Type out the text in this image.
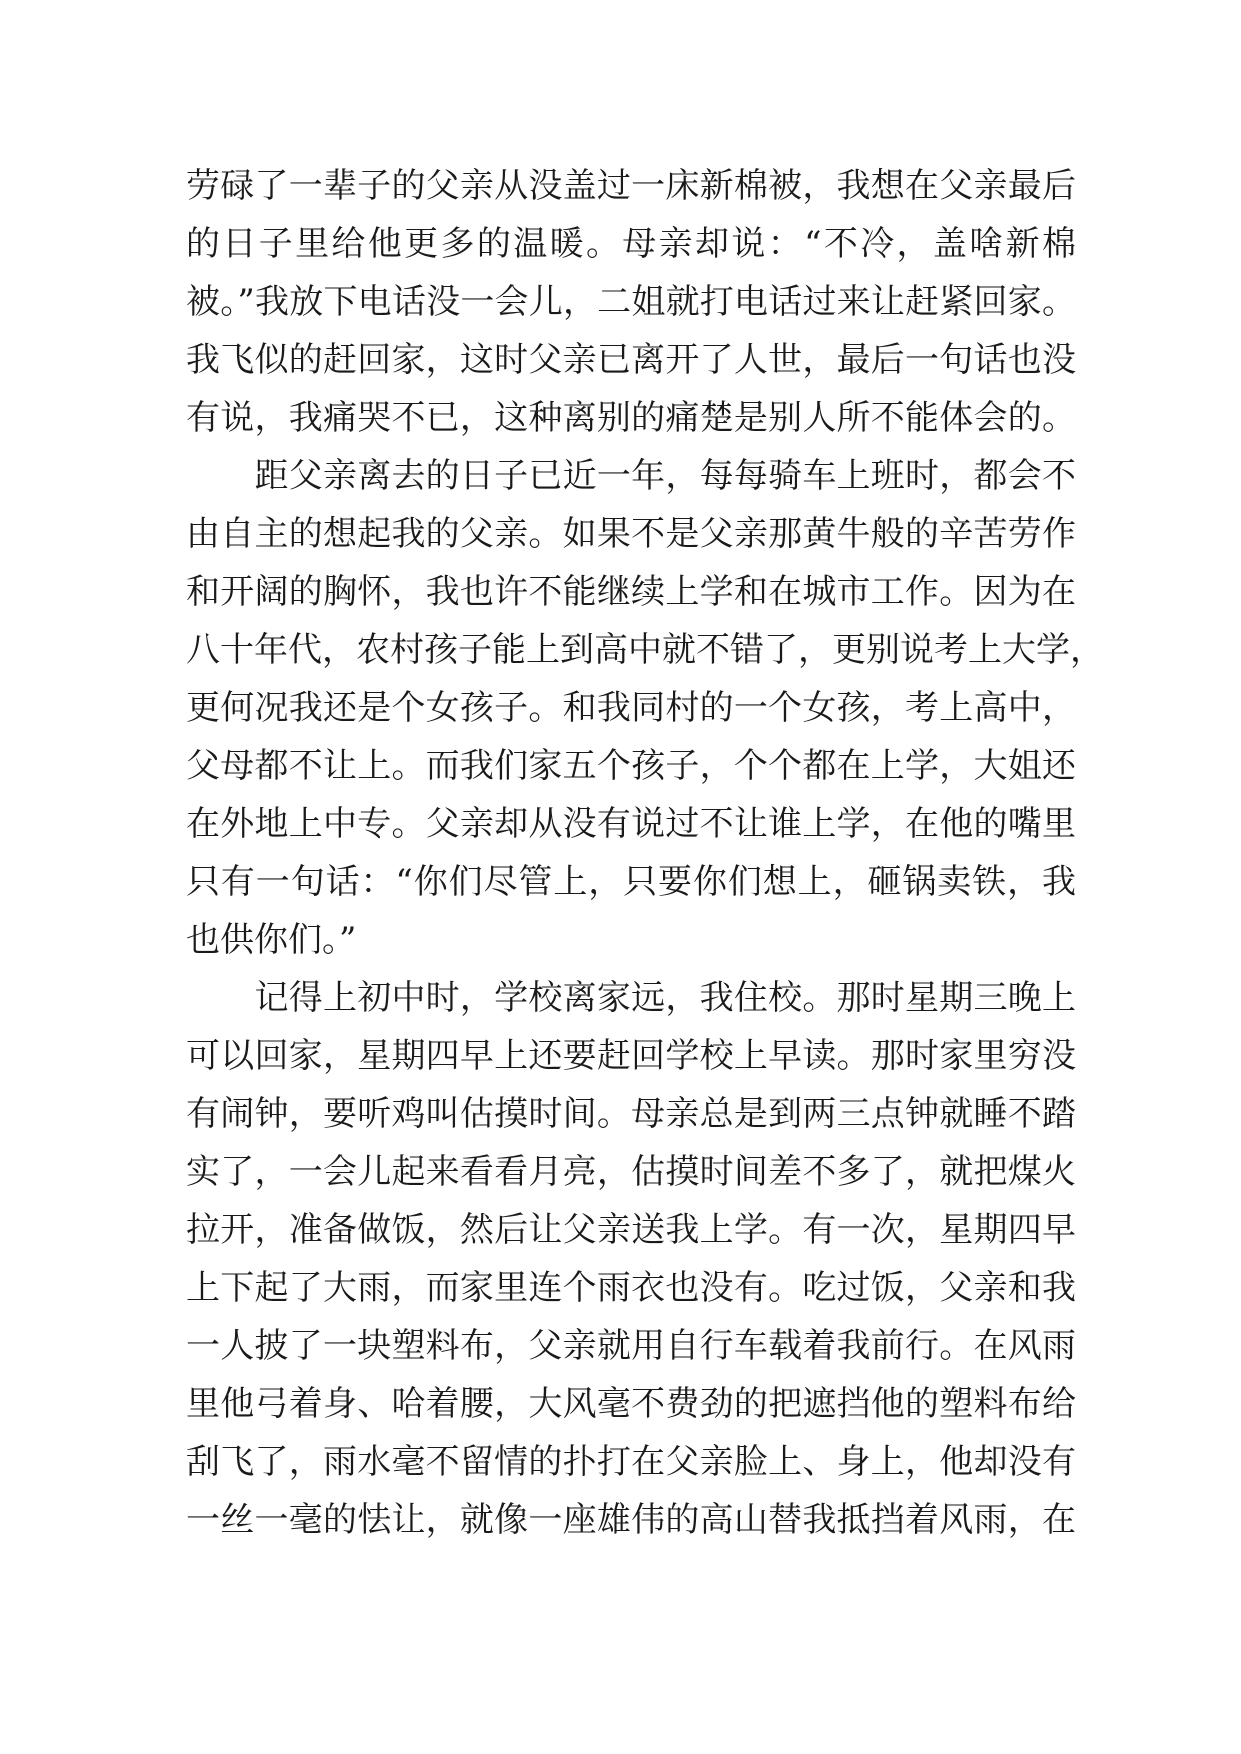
劳碌了一辈子的父亲从没盖过一床新棉被，我想在父亲最后
的日子里给他更多的温暖。母亲却说：“不冷，盖啥新棉
被。”我放下电话没一会儿，二姐就打电话过来让赶紧回家。
我飞似的赶回家，这时父亲已离开了人世，最后一句话也没
有说，我痛哭不已，这种离别的痛楚是别人所不能体会的。
　　距父亲离去的日子已近一年，每每骑车上班时，都会不
由自主的想起我的父亲。如果不是父亲那黄牛般的辛苦劳作
和开阔的胸怀，我也许不能继续上学和在城市工作。因为在
八十年代，农村孩子能上到高中就不错了，更别说考上大学，
更何况我还是个女孩子。和我同村的一个女孩，考上高中，
父母都不让上。而我们家五个孩子，个个都在上学，大姐还
在外地上中专。父亲却从没有说过不让谁上学，在他的嘴里
只有一句话：“你们尽管上，只要你们想上，砸锅卖铁，我
也供你们。”
　　记得上初中时，学校离家远，我住校。那时星期三晚上
可以回家，星期四早上还要赶回学校上早读。那时家里穷没
有闹钟，要听鸡叫估摸时间。母亲总是到两三点钟就睡不踏
实了，一会儿起来看看月亮，估摸时间差不多了，就把煤火
拉开，准备做饭，然后让父亲送我上学。有一次，星期四早
上下起了大雨，而家里连个雨衣也没有。吃过饭，父亲和我
一人披了一块塑料布，父亲就用自行车载着我前行。在风雨
里他弓着身、哈着腰，大风毫不费劲的把遮挡他的塑料布给
刮飞了，雨水毫不留情的扑打在父亲脸上、身上，他却没有
一丝一毫的怯让，就像一座雄伟的高山替我抵挡着风雨，在
